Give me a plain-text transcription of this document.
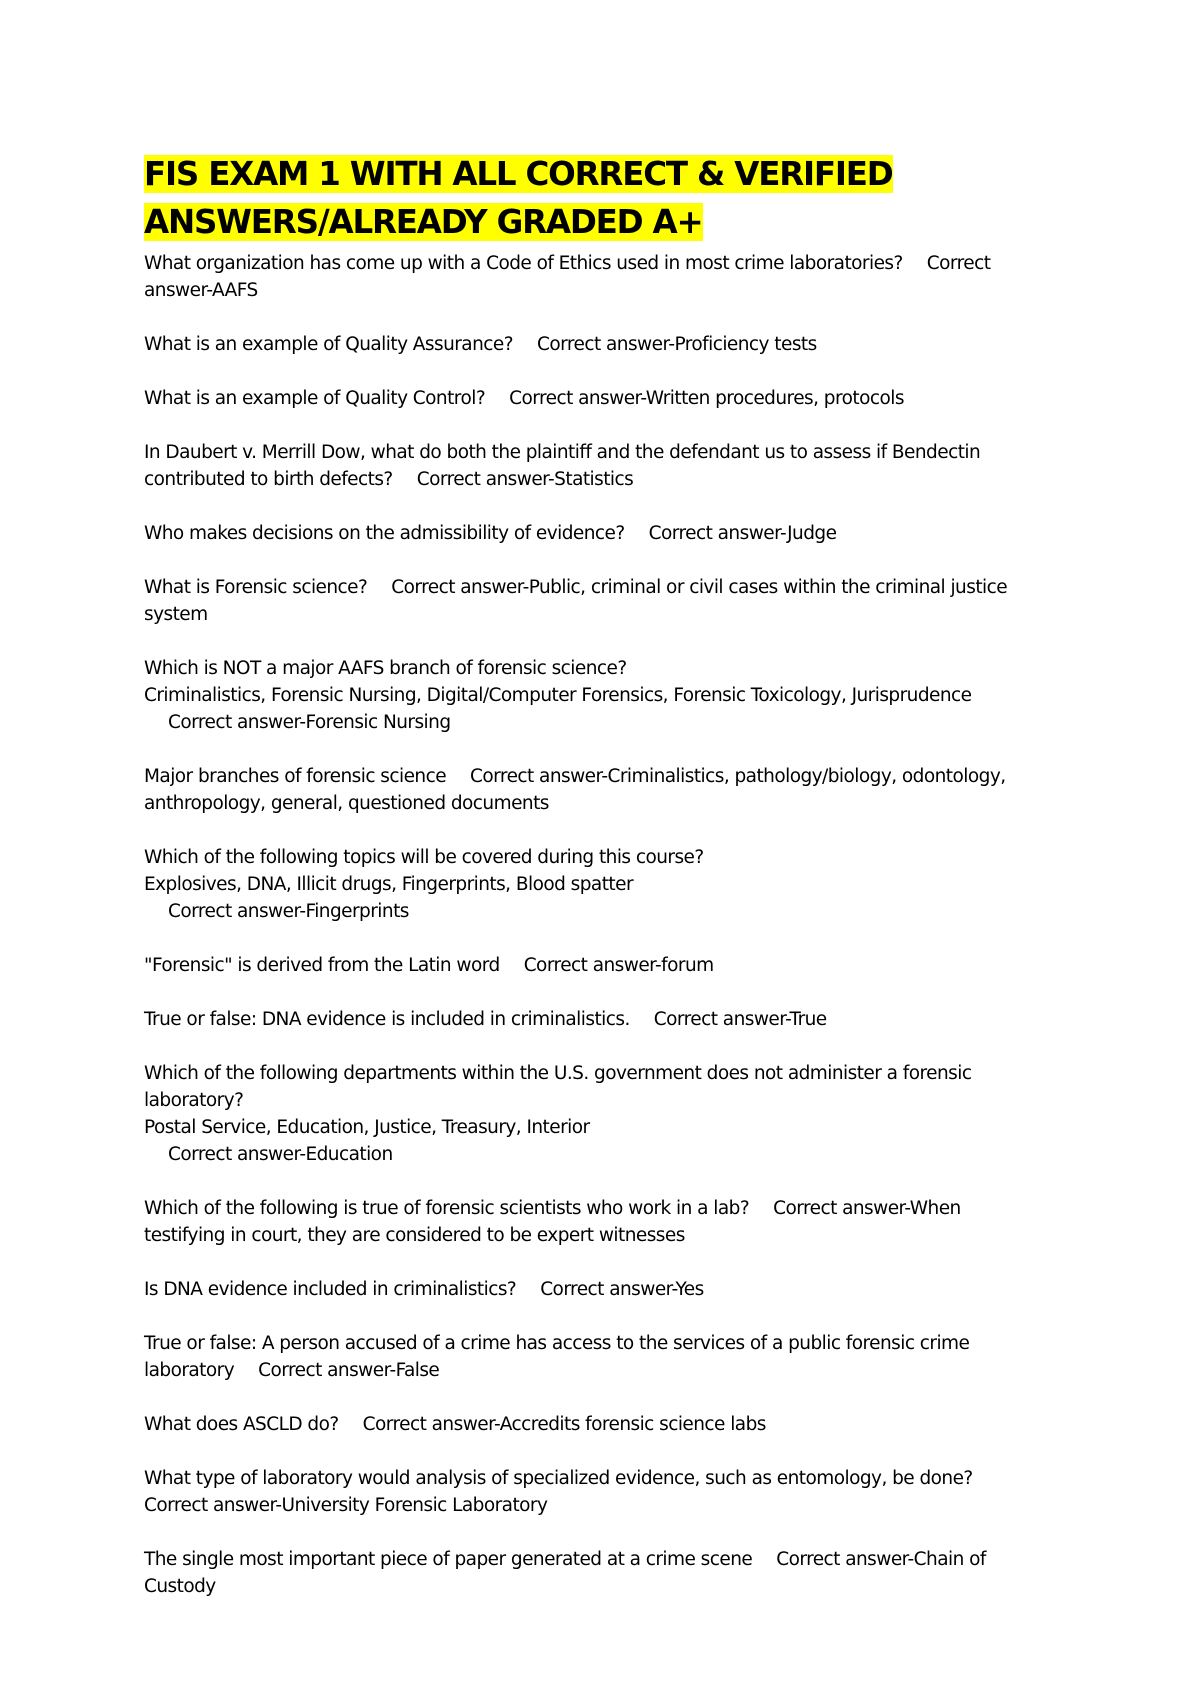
FIS EXAM 1 WITH ALL CORRECT & VERIFIED
ANSWERS/ALREADY GRADED A+

What organization has come up with a Code of Ethics used in most crime laboratories? Correct answer-AAFS

What is an example of Quality Assurance? Correct answer-Proficiency tests

What is an example of Quality Control? Correct answer-Written procedures, protocols

In Daubert v. Merrill Dow, what do both the plaintiff and the defendant us to assess if Bendectin contributed to birth defects? Correct answer-Statistics

Who makes decisions on the admissibility of evidence? Correct answer-Judge

What is Forensic science? Correct answer-Public, criminal or civil cases within the criminal justice system

Which is NOT a major AAFS branch of forensic science?
Criminalistics, Forensic Nursing, Digital/Computer Forensics, Forensic Toxicology, Jurisprudence
Correct answer-Forensic Nursing

Major branches of forensic science Correct answer-Criminalistics, pathology/biology, odontology, anthropology, general, questioned documents

Which of the following topics will be covered during this course?
Explosives, DNA, Illicit drugs, Fingerprints, Blood spatter
Correct answer-Fingerprints

"Forensic" is derived from the Latin word Correct answer-forum

True or false: DNA evidence is included in criminalistics. Correct answer-True

Which of the following departments within the U.S. government does not administer a forensic laboratory?
Postal Service, Education, Justice, Treasury, Interior
Correct answer-Education

Which of the following is true of forensic scientists who work in a lab? Correct answer-When testifying in court, they are considered to be expert witnesses

Is DNA evidence included in criminalistics? Correct answer-Yes

True or false: A person accused of a crime has access to the services of a public forensic crime laboratory Correct answer-False

What does ASCLD do? Correct answer-Accredits forensic science labs

What type of laboratory would analysis of specialized evidence, such as entomology, be done?
Correct answer-University Forensic Laboratory

The single most important piece of paper generated at a crime scene Correct answer-Chain of Custody
